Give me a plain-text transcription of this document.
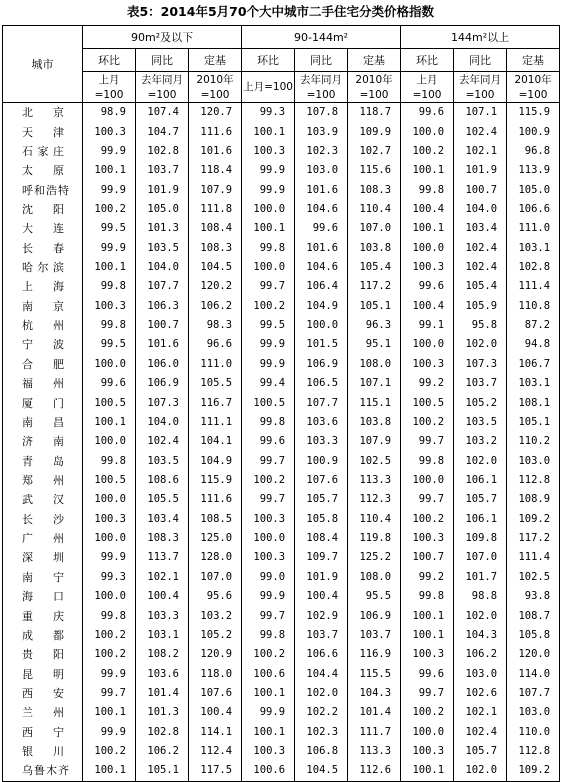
表5：2014年5月70个大中城市二手住宅分类价格指数
城市	90m²及以下			90-144m²			144m²以上		
	环比	同比	定基	环比	同比	定基	环比	同比	定基
	上月	去年同月	2010年	上月=100	去年同月	2010年	上月	去年同月	2010年
	=100	=100	=100		=100	=100	=100	=100	=100
北京	98.9	107.4	120.7	99.3	107.8	118.7	99.6	107.1	115.9
天津	100.3	104.7	111.6	100.1	103.9	109.9	100.0	102.4	100.9
石家庄	99.9	102.8	101.6	100.3	102.3	102.7	100.2	102.1	96.8
太原	100.1	103.7	118.4	99.9	103.0	115.6	100.1	101.9	113.9
呼和浩特	99.9	101.9	107.9	99.9	101.6	108.3	99.8	100.7	105.0
沈阳	100.2	105.0	111.8	100.0	104.6	110.4	100.4	104.0	106.6
大连	99.5	101.3	108.4	100.1	99.6	107.0	100.1	103.4	111.0
长春	99.9	103.5	108.3	99.8	101.6	103.8	100.0	102.4	103.1
哈尔滨	100.1	104.0	104.5	100.0	104.6	105.4	100.3	102.4	102.8
上海	99.8	107.7	120.2	99.7	106.4	117.2	99.6	105.4	111.4
南京	100.3	106.3	106.2	100.2	104.9	105.1	100.4	105.9	110.8
杭州	99.8	100.7	98.3	99.5	100.0	96.3	99.1	95.8	87.2
宁波	99.5	101.6	96.6	99.9	101.5	95.1	100.0	102.0	94.8
合肥	100.0	106.0	111.0	99.9	106.9	108.0	100.3	107.3	106.7
福州	99.6	106.9	105.5	99.4	106.5	107.1	99.2	103.7	103.1
厦门	100.5	107.3	116.7	100.5	107.7	115.1	100.5	105.2	108.1
南昌	100.1	104.0	111.1	99.8	103.6	103.8	100.2	103.5	105.1
济南	100.0	102.4	104.1	99.6	103.3	107.9	99.7	103.2	110.2
青岛	99.8	103.5	104.9	99.7	100.9	102.5	99.8	102.0	103.0
郑州	100.5	108.6	115.9	100.2	107.6	113.3	100.0	106.1	112.8
武汉	100.0	105.5	111.6	99.7	105.7	112.3	99.7	105.7	108.9
长沙	100.3	103.4	108.5	100.3	105.8	110.4	100.2	106.1	109.2
广州	100.0	108.3	125.0	100.0	108.4	119.8	100.3	109.8	117.2
深圳	99.9	113.7	128.0	100.3	109.7	125.2	100.7	107.0	111.4
南宁	99.3	102.1	107.0	99.0	101.9	108.0	99.2	101.7	102.5
海口	100.0	100.4	95.6	99.9	100.4	95.5	99.8	98.8	93.8
重庆	99.8	103.3	103.2	99.7	102.9	106.9	100.1	102.0	108.7
成都	100.2	103.1	105.2	99.8	103.7	103.7	100.1	104.3	105.8
贵阳	100.2	108.2	120.9	100.2	106.6	116.9	100.3	106.2	120.0
昆明	99.9	103.6	118.0	100.6	104.4	115.5	99.6	103.0	114.0
西安	99.7	101.4	107.6	100.1	102.0	104.3	99.7	102.6	107.7
兰州	100.1	101.3	100.4	99.9	102.2	101.4	100.2	102.1	103.0
西宁	99.9	102.8	114.1	100.1	102.3	111.7	100.0	102.4	110.0
银川	100.2	106.2	112.4	100.3	106.8	113.3	100.3	105.7	112.8
乌鲁木齐	100.1	105.1	117.5	100.6	104.5	112.6	100.1	102.0	109.2
